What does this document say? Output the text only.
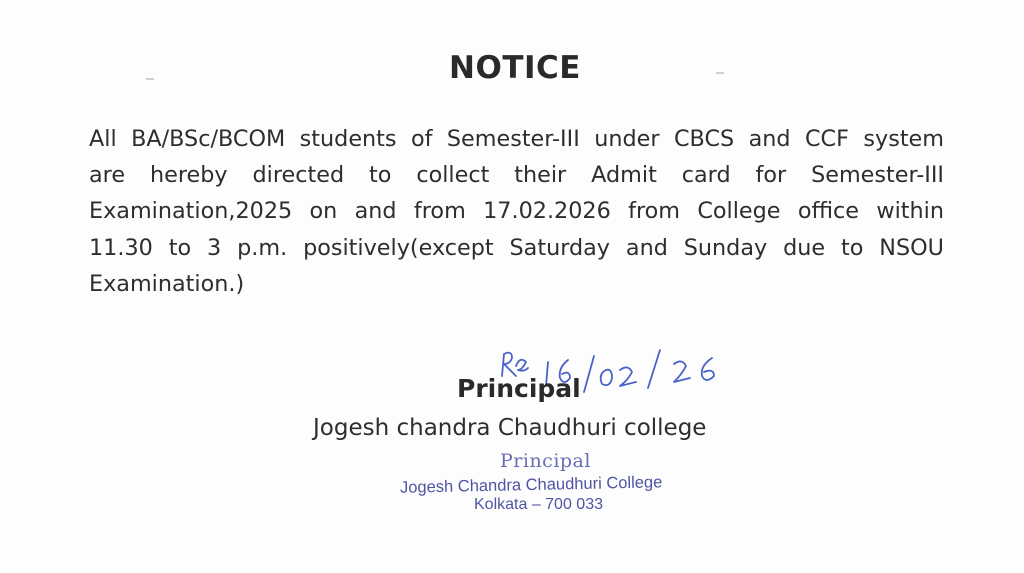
NOTICE
All BA/BSc/BCOM students of Semester-III under CBCS and CCF system
are hereby directed to collect their Admit card for Semester-III
Examination,2025 on and from 17.02.2026 from College office within
11.30 to 3 p.m. positively(except Saturday and Sunday due to NSOU
Examination.)
Principal
Jogesh chandra Chaudhuri college
Principal
Jogesh Chandra Chaudhuri College
Kolkata – 700 033
